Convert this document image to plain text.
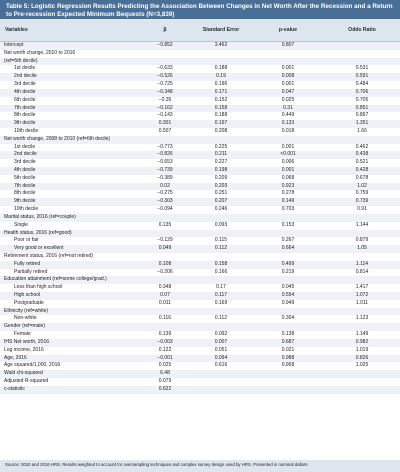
Table 5: Logistic Regression Results Predicting the Association Between Changes in Net Worth After the Recession and a Return to Pre-recession Expected Minimum Bequests (N=3,839)
Variables	β	Standard Error	p-value	Odds Ratio
Intercept	−0.852	3.462	0.807	
Net worth change, 2010 to 2016				
(ref=5th decile)				
1st decile	−0.633	0.188	0.001	0.531
2nd decile	−0.526	0.19	0.008	0.591
3rd decile	−0.725	0.196	0.001	0.484
4th decile	−0.348	0.171	0.047	0.706
6th decile	−0.35	0.152	0.025	0.705
7th decile	−0.162	0.158	0.31	0.851
8th decile	−0.143	0.188	0.449	0.867
9th decile	0.301	0.197	0.133	1.351
10th decile	0.507	0.208	0.018	1.66
Net worth change, 2008 to 2010 (ref=6th decile)				
1st decile	−0.773	0.225	0.001	0.462
2nd decile	−0.826	0.211	<0.001	0.438
3rd decile	−0.653	0.227	0.006	0.521
4th decile	−0.739	0.198	0.001	0.428
5th decile	−0.389	0.209	0.068	0.678
7th decile	0.02	0.203	0.923	1.02
8th decile	−0.275	0.251	0.278	0.759
9th decile	−0.303	0.207	0.149	0.739
10th decile	−0.094	0.246	0.703	0.91
Marital status, 2016 (ref=couple)				
Single	0.135	0.093	0.153	1.144
Health status, 2016 (ref=good)				
Poor or fair	−0.129	0.115	0.267	0.879
Very good or excellent	0.049	0.112	0.664	1.05
Retirement status, 2016 (ref=not retired)				
Fully retired	0.108	0.158	0.499	1.114
Partially retired	−0.206	0.166	0.219	0.814
Education attainment (ref=some college/grad.)				
Less than high school	0.348	0.17	0.045	1.417
High school	0.07	0.117	0.554	1.072
Postgraduate	0.011	0.169	0.949	1.011
Ethnicity (ref=white)				
Non-white	0.116	0.112	0.304	1.123
Gender (ref=male)				
Female	0.139	0.092	0.138	1.149
IHS Net worth, 2016	−0.003	0.007	0.687	0.982
Log income, 2016	0.122	0.051	0.021	1.019
Age, 2016	−0.001	0.094	0.988	0.826
Age squared/1,000, 2016	0.025	0.616	0.968	1.025
Wald chi-squared	6.48			
Adjusted R-squared	0.079			
c-statistic	0.622			
Source: 2010 and 2016 HRS. Results weighted to account for oversampling techniques and complex survey design used by HRS. Presented in nominal dollars.
